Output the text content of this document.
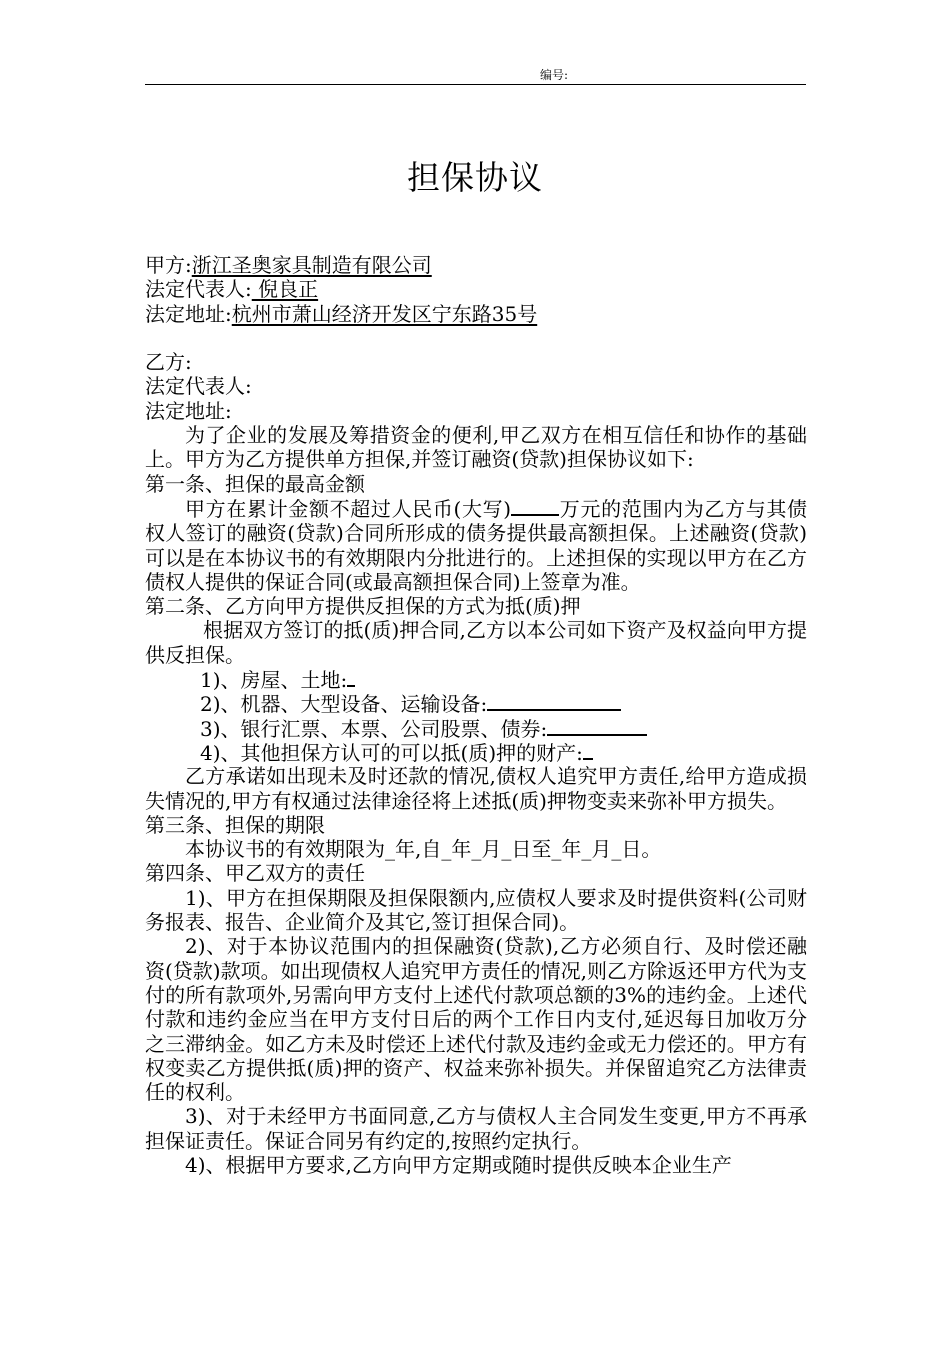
编号:
担保协议
甲方:浙江圣奥家具制造有限公司
法定代表人: 倪良正
法定地址:杭州市萧山经济开发区宁东路35号
乙方:
法定代表人:
法定地址:
为了企业的发展及筹措资金的便利,甲乙双方在相互信任和协作的基础上。甲方为乙方提供单方担保,并签订融资(贷款)担保协议如下:
第一条、担保的最高金额
甲方在累计金额不超过人民币(大写) 万元的范围内为乙方与其债权人签订的融资(贷款)合同所形成的债务提供最高额担保。上述融资(贷款)可以是在本协议书的有效期限内分批进行的。上述担保的实现以甲方在乙方债权人提供的保证合同(或最高额担保合同)上签章为准。
第二条、乙方向甲方提供反担保的方式为抵(质)押
根据双方签订的抵(质)押合同,乙方以本公司如下资产及权益向甲方提供反担保。
1)、房屋、土地:
2)、机器、大型设备、运输设备:
3)、银行汇票、本票、公司股票、债券:
4)、其他担保方认可的可以抵(质)押的财产:
乙方承诺如出现未及时还款的情况,债权人追究甲方责任,给甲方造成损失情况的,甲方有权通过法律途径将上述抵(质)押物变卖来弥补甲方损失。
第三条、担保的期限
本协议书的有效期限为_年,自_年_月_日至_年_月_日。
第四条、甲乙双方的责任
1)、甲方在担保期限及担保限额内,应债权人要求及时提供资料(公司财务报表、报告、企业简介及其它,签订担保合同)。
2)、对于本协议范围内的担保融资(贷款),乙方必须自行、及时偿还融资(贷款)款项。如出现债权人追究甲方责任的情况,则乙方除返还甲方代为支付的所有款项外,另需向甲方支付上述代付款项总额的3%的违约金。上述代付款和违约金应当在甲方支付日后的两个工作日内支付,延迟每日加收万分之三滞纳金。如乙方未及时偿还上述代付款及违约金或无力偿还的。甲方有权变卖乙方提供抵(质)押的资产、权益来弥补损失。并保留追究乙方法律责任的权利。
3)、对于未经甲方书面同意,乙方与债权人主合同发生变更,甲方不再承担保证责任。保证合同另有约定的,按照约定执行。
4)、根据甲方要求,乙方向甲方定期或随时提供反映本企业生产
